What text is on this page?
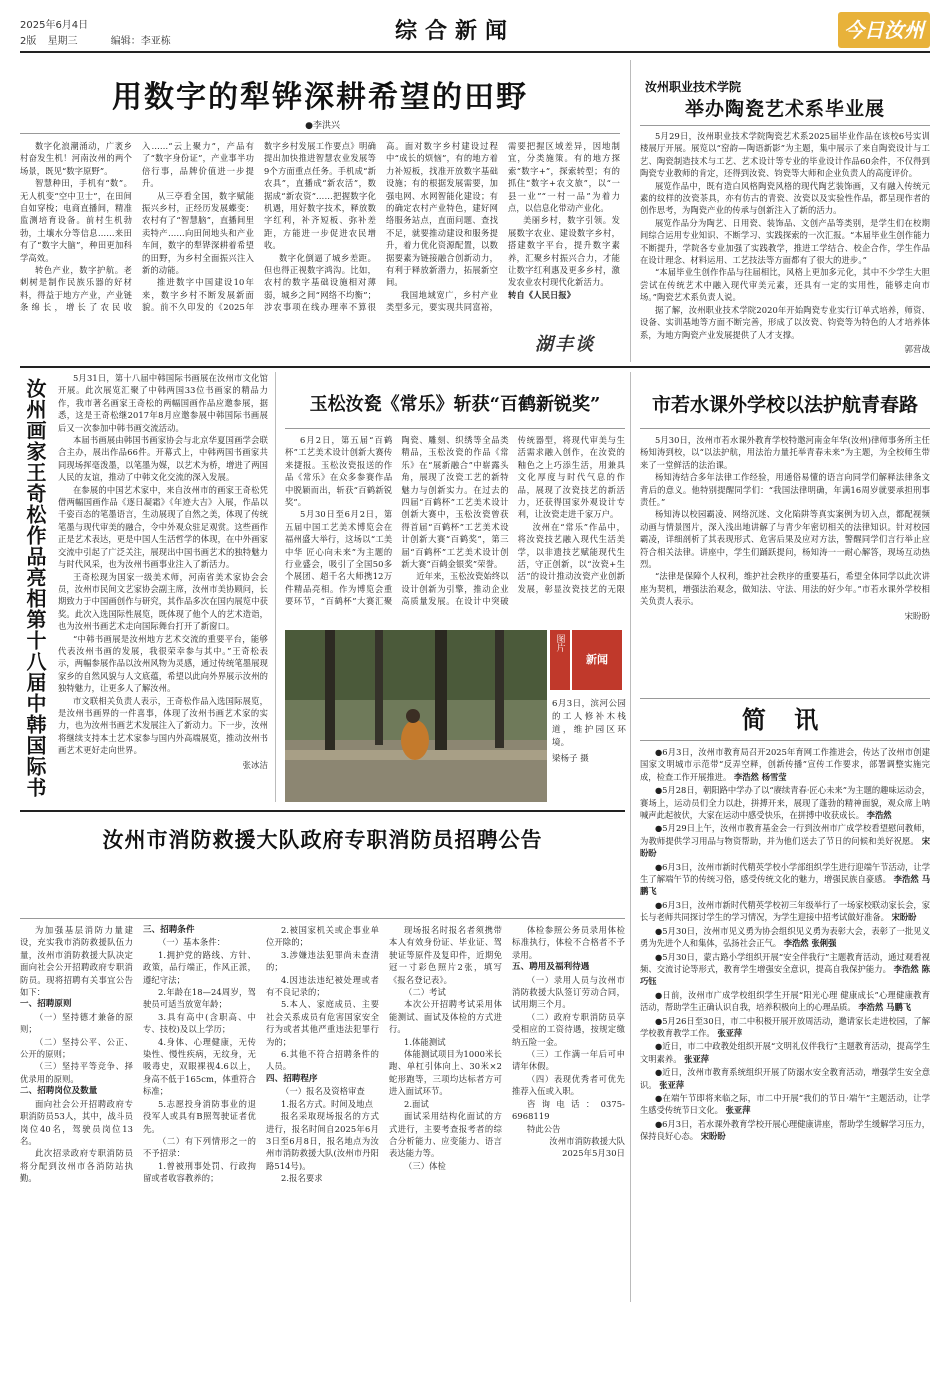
2025年6月4日
2版 星期三	编辑：李亚栋	综合新闻	今日汝州
用数字的犁铧深耕希望的田野
●李洪兴

数字化浪潮涌动，广袤乡村奋发生机！河南汝州的两个场景，既见“数字原野”。

智慧种田，手机有“数”。无人机变“空中卫士”，在田间自如穿梭；电商直播间，精准监测培育设备。前村生机勃勃，土壤水分等信息……来田有了“数字大脑”，种田更加科学高效。

转色产业，数字护航。老刺树是制作民族乐器的好材料，得益于地方产业，产业链条绵长，增长了农民收入……“云上聚力”，产品有了“数字身份证”，产业事半功倍行事，品牌价值进一步提升。

从三亭看全国，数字赋能振兴乡村，正经历发展蝶变：农村有了“智慧脑”，直播间里卖特产……向田间地头和产业车间，数字的犁铧深耕着希望的田野，为乡村全面振兴注入新的动能。

推进数字中国建设10年来，数字乡村不断发展新面貌。前不久印发的《2025年数字乡村发展工作要点》明确提出加快推进智慧农业发展等9个方面重点任务。手机成“新农具”，直播成“新农活”，数据成“新农资”……把握数字化机遇，用好数字技术，释放数字红利，补齐短板、弥补差距，方能进一步促进农民增收。

数字化倒逼了城乡差距。但也得正视数字鸿沟。比如，农村的数字基础设施相对薄弱，城乡之间“网络不均衡”；涉农事项在线办理率不算很高。面对数字乡村建设过程中“成长的烦恼”，有的地方着力补短板，找准开放数字基础设施；有的根据发展需要，加强电网、水网智能化建设；有的确定农村产业特色，建好网络服务站点，直面问题、查找不足，就要推动建设和服务提升，着力优化资源配置，以数据要素为链接融合创新动力，有利于释放新潜力，拓展新空间。

我国地域宽广，乡村产业类型多元，要实现共同富裕，需要把握区域差异，因地制宜，分类施策。有的地方探索“数字+”，探索转型；有的抓住“数字+农文旅”，以“一县一业”“一村一品”为着力点，以信息化带动产业化。

美丽乡村，数字引领。发展数字农业、建设数字乡村，搭建数字平台，提升数字素养，汇聚乡村振兴合力，才能让数字红利惠及更多乡村，激发农业农村现代化新活力。

转自《人民日报》

湖丰谈
汝州职业技术学院
举办陶瓷艺术系毕业展

5月29日，汝州职业技术学院陶瓷艺术系2025届毕业作品在该校6号实训楼展厅开展。展览以“窑韵—陶语新影”为主题，集中展示了来自陶瓷设计与工艺、陶瓷制造技术与工艺、艺术设计等专业的毕业设计作品60余件，不仅得到陶瓷专业教师的肯定，还得到汝瓷、钧瓷等大师和企业负责人的高度评价。

展览作品中，既有造白风格陶瓷风格的现代陶艺装饰画，又有融入传统元素的纹样的汝瓷茶具，亦有仿古的青瓷、汝瓷以及实验性作品，都呈现作者的创作思考，为陶瓷产业的传承与创新注入了新的活力。

展览作品分为陶艺、日用瓷、装饰品、文创产品等类别，是学生们在校期间综合运用专业知识、不断学习、实践探索的一次汇报。“本届毕业生创作能力不断提升，学院各专业加强了实践教学，推进工学结合、校企合作，学生作品在设计理念、材料运用、工艺技法等方面都有了很大的进步。”

“本届毕业生创作作品与往届相比，风格上更加多元化，其中不少学生大胆尝试在传统艺术中融入现代审美元素，还具有一定的实用性，能够走向市场。”陶瓷艺术系负责人说。

据了解，汝州职业技术学院2020年开始陶瓷专业实行订单式培养，师资、设备、实训基地等方面不断完善，形成了以汝瓷、钧瓷等为特色的人才培养体系，为地方陶瓷产业发展提供了人才支撑。

郭营战

汝州画家王奇松作品亮相第十八届中韩国际书

5月31日，第十八届中韩国际书画展在汝州市文化馆开展。此次展览汇聚了中韩两国33位书画家的精品力作，我市著名画家王奇松的两幅国画作品应邀参展，据悉，这是王奇松继2017年8月应邀参展中韩国际书画展后又一次参加中韩书画交流活动。

本届书画展由韩国书画家协会与北京华夏国画学会联合主办，展出作品66件。开幕式上，中韩两国书画家共同现场挥毫泼墨，以笔墨为媒，以艺术为桥，增进了两国人民的友谊，推动了中韩文化交流的深入发展。

在参展的中国艺术家中，来自汝州市的画家王奇松凭借两幅国画作品《逐日凝霜》《年迹大吉》入展，作品以千姿百态的笔墨语言，生动展现了自然之美，体现了传统笔墨与现代审美的融合，令中外观众驻足观赏。这些画作正是艺术表达，更是中国人生活哲学的体现，在中外画家交流中引起了广泛关注，展现出中国书画艺术的独特魅力与时代风采，也为汝州书画事业注入了新活力。

王奇松现为国家一级美术师，河南省美术家协会会员，汝州市民间文艺家协会副主席，汝州市美协顾问，长期致力于中国画创作与研究，其作品多次在国内展览中获奖。此次入选国际性展览，既体现了他个人的艺术造诣，也为汝州书画艺术走向国际舞台打开了新窗口。

“中韩书画展是汝州地方艺术交流的重要平台，能够代表汝州书画的发展，我很荣幸参与其中。”王奇松表示，两幅参展作品以汝州风物为灵感，通过传统笔墨展现家乡的自然风貌与人文底蕴，希望以此向外界展示汝州的独特魅力，让更多人了解汝州。

市文联相关负责人表示，王奇松作品入选国际展览，是汝州书画界的一件喜事，体现了汝州书画艺术家的实力，也为汝州书画艺术发展注入了新动力。下一步，汝州将继续支持本土艺术家参与国内外高端展览，推动汝州书画艺术更好走向世界。

张冰洁

玉松汝瓷《常乐》斩获“百鹤新锐奖”

6月2日，第五届“百鹤杯”工艺美术设计创新大赛传来捷报。玉松汝瓷报送的作品《常乐》在众多参赛作品中脱颖而出，斩获“百鹤新锐奖”。

5月30日至6月2日，第五届中国工艺美术博览会在福州盛大举行，这场以“工美中华 匠心向未来”为主题的行业盛会，吸引了全国50多个展团、超千名大师携12万件精品亮相。作为博览会重要环节，“百鹤杯”大赛汇聚陶瓷、雕刻、织绣等全品类精品，玉松汝瓷的作品《常乐》在“展新融合”中崭露头角，展现了汝瓷工艺的新特魅力与创新实力。在过去的四届“百鹤杯”工艺美术设计创新大赛中，玉松汝瓷曾获得首届“百鹤杯”工艺美术设计创新大赛“百鹤奖”，第三届“百鹤杯”工艺美术设计创新大赛“百鹤金银奖”荣誉。

近年来，玉松汝瓷始终以设计创新为引擎，推动企业高质量发展。在设计中突破传统器型，将现代审美与生活需求融入创作，在汝瓷的釉色之上巧添生活，用兼具文化厚度与时代气息的作品，展现了汝瓷技艺的新活力，还获得国家外观设计专利，让汝瓷走进千家万户。

汝州在“常乐”作品中，将汝瓷技艺融入现代生活美学，以非遗技艺赋能现代生活，守正创新，以“汝瓷+生活”的设计推动汝瓷产业创新发展，彰显汝瓷技艺的无限

图片
新闻

6月3日，滨河公园的工人修补木栈道，维护园区环境。

梁杨子 摄

市若水课外学校以法护航青春路

5月30日，汝州市若水课外教育学校特邀河南金年华(汝州)律师事务所主任杨知涛到校，以“以法护航，用法治力量托举青春未来”为主题，为全校师生带来了一堂鲜活的法治课。

杨知涛结合多年法律工作经验，用通俗易懂的语言向同学们解释法律条文背后的意义。他特别提醒同学们：“我国法律明确，年满16周岁就要承担刑事责任。”

杨知涛以校园霸凌、网络沉迷、文化陷阱等真实案例为切入点，都配视频动画与情景图片，深入浅出地讲解了与青少年密切相关的法律知识。针对校园霸凌，详细剖析了其表现形式、危害后果及应对方法，警醒同学们言行举止应符合相关法律。讲座中，学生们踊跃提问，杨知涛一一耐心解答，现场互动热烈。

“法律是保障个人权利，维护社会秩序的重要基石，希望全体同学以此次讲座为契机，增强法治观念，做知法、守法、用法的好少年。”市若水课外学校相关负责人表示。

宋盼盼

简 讯

●6月3日，汝州市教育局召开2025年育网工作推进会，传达了汝州市创建国家文明城市示范带“反弄空释，创新传播”宣传工作要求，部署调整实施完成，检查工作开展推进。 李浩然 杨雪莹

●5月28日，朝阳路中学办了以“赓续青春·匠心未来”为主题的趣味运动会，赛场上，运动员们全力以赴，拼搏开来，展现了蓬勃的精神面貌，观众席上呐喊声此起彼伏，大家在运动中感受快乐，在拼搏中收获成长。 李浩然

●5月29日上午，汝州市教育基金会一行到汝州市广成学校看望慰问教师，为教师提供学习用品与物资帮助，并为他们送去了节日的问候和美好祝愿。 宋盼盼

●6月3日，汝州市新时代精英学校小学部组织学生进行迎端午节活动，让学生了解端午节的传统习俗，感受传统文化的魅力，增强民族自豪感。 李浩然 马鹏飞

●6月3日，汝州市新时代精英学校初三年级举行了一场家校联动家长会，家长与老师共同探讨学生的学习情况，为学生迎接中招考试做好准备。 宋盼盼

●5月30日，汝州市见义勇为协会组织见义勇为表彰大会，表彰了一批见义勇为先进个人和集体，弘扬社会正气。 李浩然 张俐强

●5月30日，蒙古路小学组织开展“安全伴我行”主题教育活动，通过观看视频、交流讨论等形式，教育学生增强安全意识，提高自我保护能力。 李浩然 陈巧钰

●日前，汝州市广成学校组织学生开展“阳光心理 健康成长”心理健康教育活动，帮助学生正确认识自我，培养积极向上的心理品质。 李浩然 马鹏飞

●5月26日至30日，市二中积极开展开放周活动，邀请家长走进校园，了解学校教育教学工作。 张亚萍

●近日，市二中政教处组织开展“文明礼仪伴我行”主题教育活动，提高学生文明素养。 张亚萍

●近日，汝州市教育系统组织开展了防溺水安全教育活动，增强学生安全意识。 张亚萍

●在端午节即将来临之际，市二中开展“我们的节日·端午”主题活动，让学生感受传统节日文化。 张亚萍

●6月3日，若水课外教育学校开展心理健康讲座，帮助学生缓解学习压力，保持良好心态。 宋盼盼

汝州市消防救援大队政府专职消防员招聘公告

为加强基层消防力量建设，充实我市消防救援队伍力量，汝州市消防救援大队决定面向社会公开招聘政府专职消防员。现将招聘有关事宜公告如下：

一、招聘原则

（一）坚持德才兼备的原则；

（二）坚持公平、公正、公开的原则；

（三）坚持平等竞争、择优录用的原则。

二、招聘岗位及数量

面向社会公开招聘政府专职消防员53人，其中，战斗员岗位40名，驾驶员岗位13名。

此次招录政府专职消防员将分配到汝州市各消防站执勤。

三、招聘条件

（一）基本条件：

1.拥护党的路线、方针、政策，品行端正，作风正派，遵纪守法；

2.年龄在18—24周岁，驾驶员可适当放宽年龄；

3.具有高中(含职高、中专、技校)及以上学历；

4.身体、心理健康，无传染性、慢性疾病，无纹身，无吸毒史，双眼裸视4.6以上，身高不低于165cm，体重符合标准；

5.志愿投身消防事业的退役军人或具有B照驾驶证者优先。

（二）有下列情形之一的不予招录：

1.曾被刑事处罚、行政拘留或者收容教养的；

2.被国家机关或企事业单位开除的；

3.涉嫌违法犯罪尚未查清的；

4.因违法违纪被处理或者有不良记录的；

5.本人、家庭成员、主要社会关系成员有危害国家安全行为或者其他严重违法犯罪行为的；

6.其他不符合招聘条件的人员。

四、招聘程序

（一）报名及资格审查

1.报名方式。时间及地点

报名采取现场报名的方式进行，报名时间自2025年6月3日至6月8日，报名地点为汝州市消防救援大队(汝州市丹阳路514号)。

2.报名要求

现场报名时报名者须携带本人有效身份证、毕业证、驾驶证等原件及复印件，近期免冠一寸彩色照片2张，填写《报名登记表》。

（二）考试

本次公开招聘考试采用体能测试、面试及体检的方式进行。

1.体能测试

体能测试项目为1000米长跑、单杠引体向上、30米×2蛇形跑等，三项均达标者方可进入面试环节。

2.面试

面试采用结构化面试的方式进行，主要考查报考者的综合分析能力、应变能力、语言表达能力等。

（三）体检

体检参照公务员录用体检标准执行，体检不合格者不予录用。

五、聘用及福利待遇

（一）录用人员与汝州市消防救援大队签订劳动合同，试用期三个月。

（二）政府专职消防员享受相应的工资待遇，按规定缴纳五险一金。

（三）工作满一年后可申请年休假。

（四）表现优秀者可优先推荐入伍或入职。

咨询电话：0375-6968119

特此公告

汝州市消防救援大队

2025年5月30日
